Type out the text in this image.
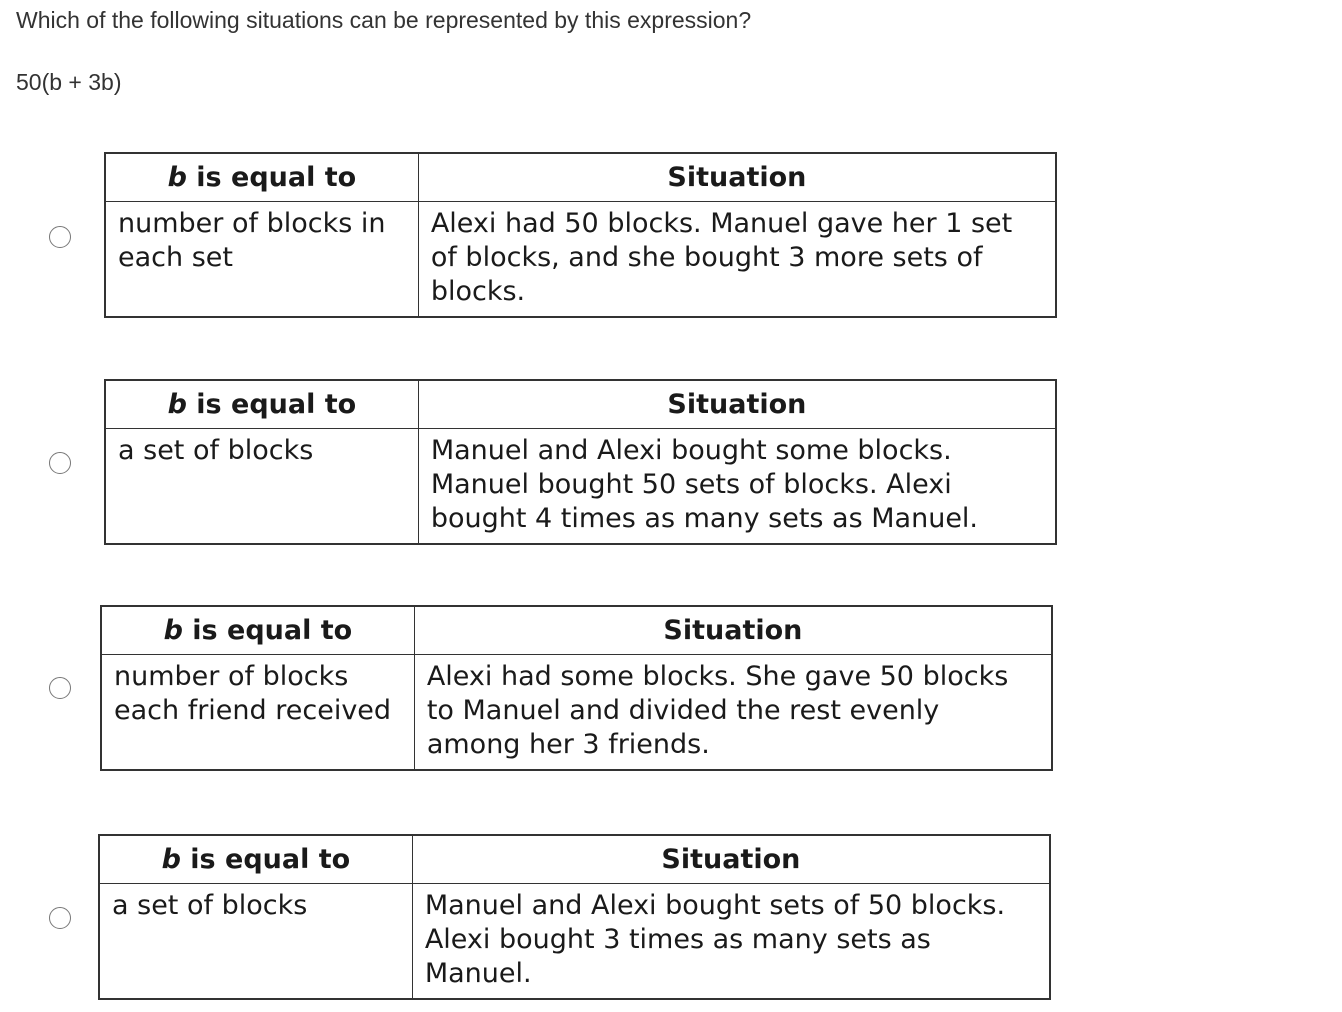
Which of the following situations can be represented by this expression?
50(b + 3b)
b is equal to	Situation
number of blocks in each set	Alexi had 50 blocks. Manuel gave her 1 set of blocks, and she bought 3 more sets of blocks.
b is equal to	Situation
a set of blocks	Manuel and Alexi bought some blocks. Manuel bought 50 sets of blocks. Alexi bought 4 times as many sets as Manuel.
b is equal to	Situation
number of blocks each friend received	Alexi had some blocks. She gave 50 blocks to Manuel and divided the rest evenly among her 3 friends.
b is equal to	Situation
a set of blocks	Manuel and Alexi bought sets of 50 blocks. Alexi bought 3 times as many sets as Manuel.
